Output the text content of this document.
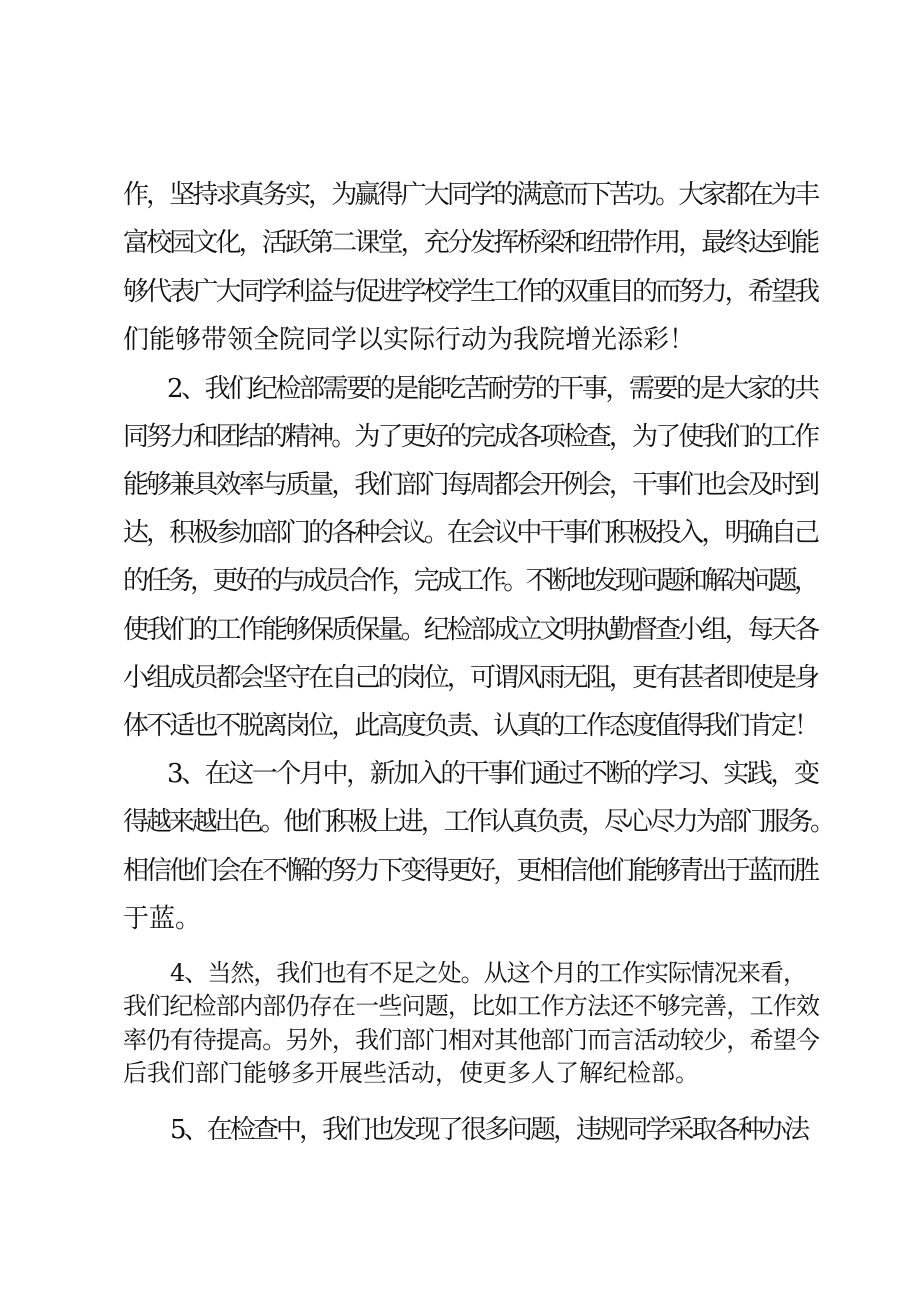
作，坚持求真务实，为赢得广大同学的满意而下苦功。大家都在为丰

富校园文化，活跃第二课堂，充分发挥桥梁和纽带作用，最终达到能

够代表广大同学利益与促进学校学生工作的双重目的而努力，希望我

们能够带领全院同学以实际行动为我院增光添彩！

2、我们纪检部需要的是能吃苦耐劳的干事，需要的是大家的共

同努力和团结的精神。为了更好的完成各项检查，为了使我们的工作

能够兼具效率与质量，我们部门每周都会开例会，干事们也会及时到

达，积极参加部门的各种会议。在会议中干事们积极投入，明确自己

的任务，更好的与成员合作，完成工作。不断地发现问题和解决问题，

使我们的工作能够保质保量。纪检部成立文明执勤督查小组，每天各

小组成员都会坚守在自己的岗位，可谓风雨无阻，更有甚者即使是身

体不适也不脱离岗位，此高度负责、认真的工作态度值得我们肯定！

3、在这一个月中，新加入的干事们通过不断的学习、实践，变

得越来越出色。他们积极上进，工作认真负责，尽心尽力为部门服务。

相信他们会在不懈的努力下变得更好，更相信他们能够青出于蓝而胜

于蓝。

4、当然，我们也有不足之处。从这个月的工作实际情况来看，

我们纪检部内部仍存在一些问题，比如工作方法还不够完善，工作效

率仍有待提高。另外，我们部门相对其他部门而言活动较少，希望今

后我们部门能够多开展些活动，使更多人了解纪检部。

5、在检查中，我们也发现了很多问题，违规同学采取各种办法
